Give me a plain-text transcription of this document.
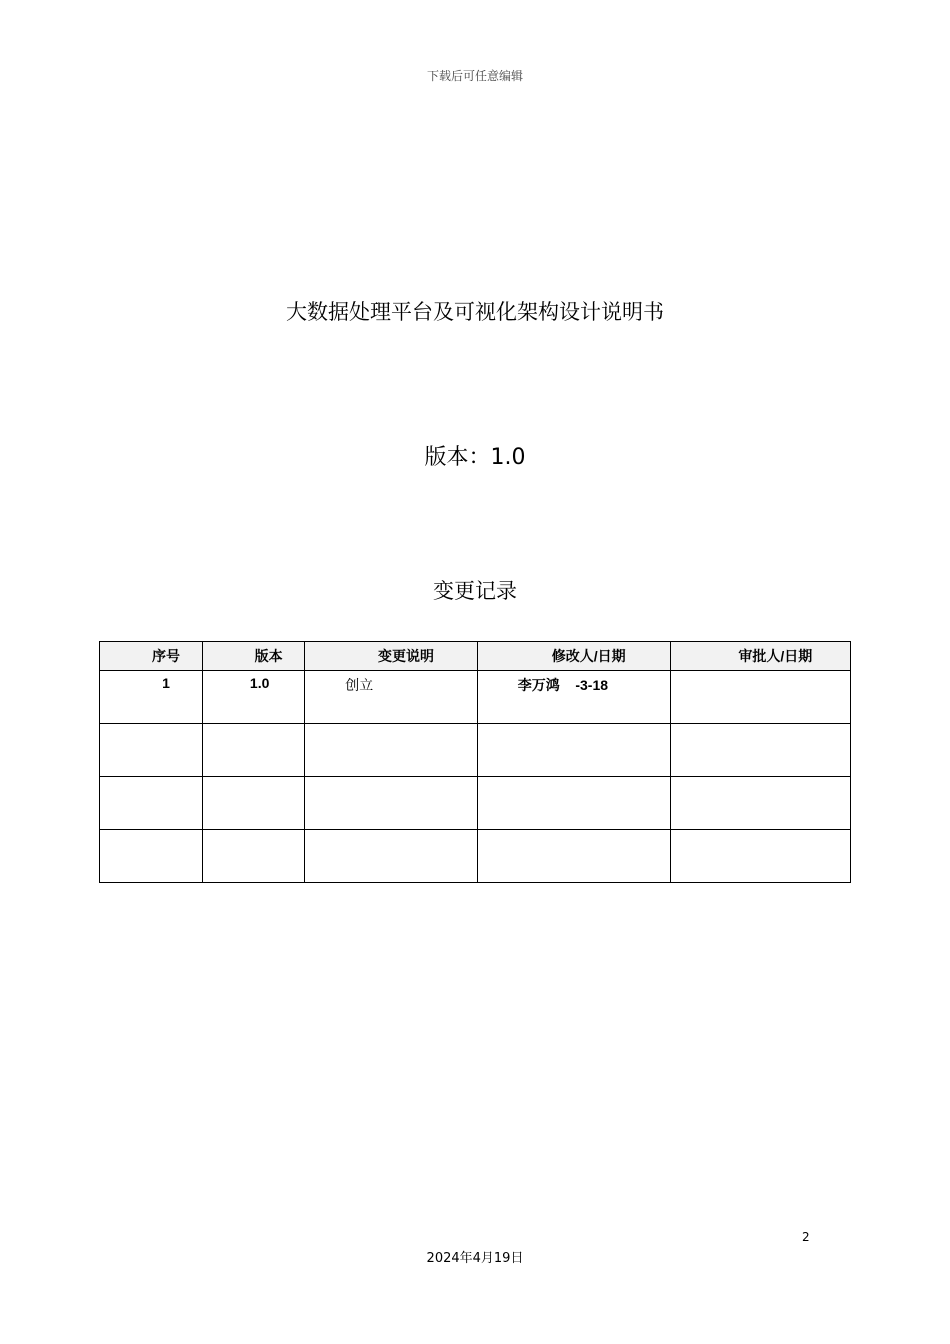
下载后可任意编辑
大数据处理平台及可视化架构设计说明书
版本：1.0
变更记录
序号	版本	变更说明	修改人/日期	审批人/日期
1	1.0	创立	李万鸿    -3-18	

2
2024年4月19日
